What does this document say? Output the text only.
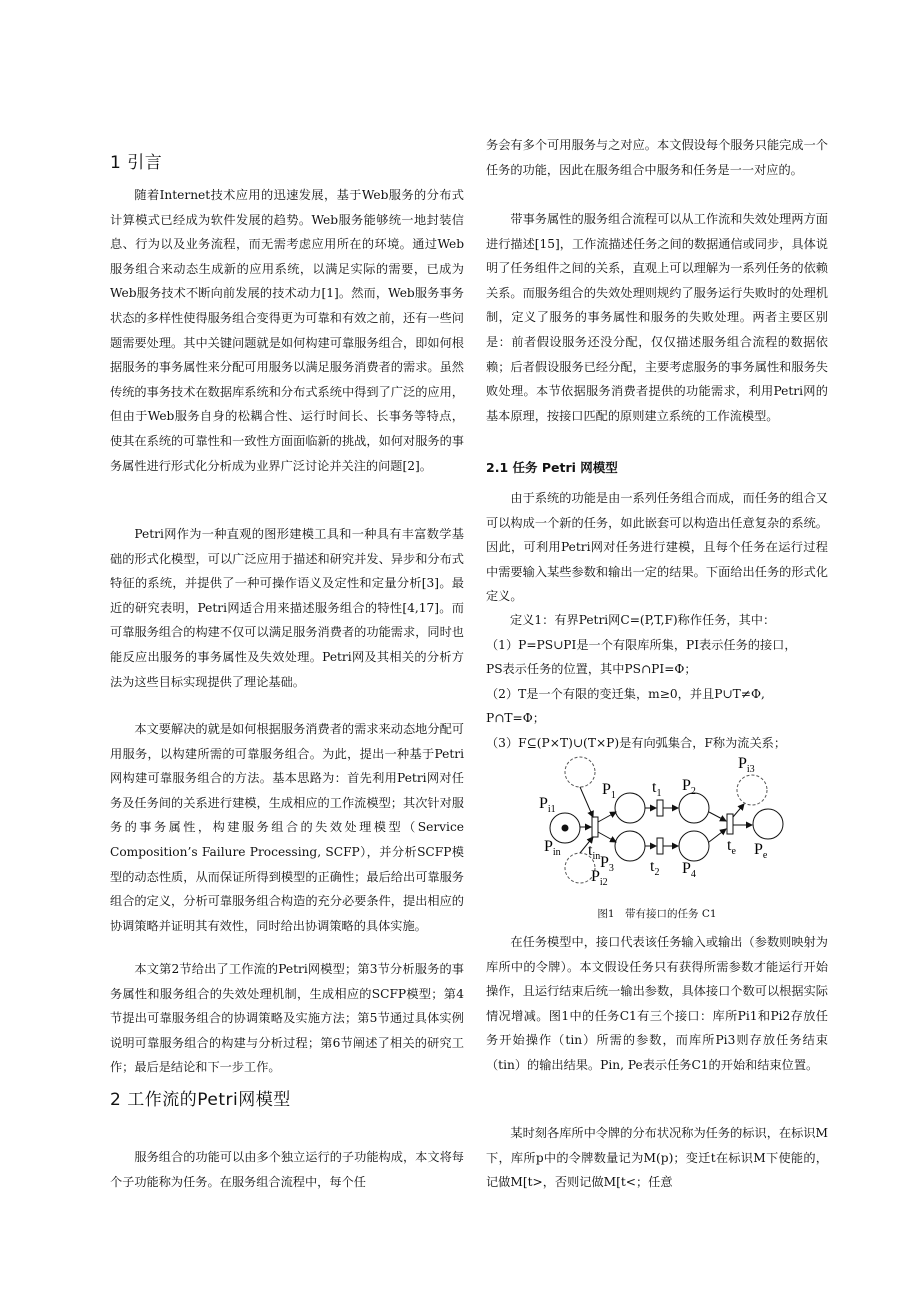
1 引言

随着Internet技术应用的迅速发展，基于Web服务的分布式计算模式已经成为软件发展的趋势。Web服务能够统一地封装信息、行为以及业务流程，而无需考虑应用所在的环境。通过Web服务组合来动态生成新的应用系统，以满足实际的需要，已成为Web服务技术不断向前发展的技术动力[1]。然而，Web服务事务状态的多样性使得服务组合变得更为可靠和有效之前，还有一些问题需要处理。其中关键问题就是如何构建可靠服务组合，即如何根据服务的事务属性来分配可用服务以满足服务消费者的需求。虽然传统的事务技术在数据库系统和分布式系统中得到了广泛的应用，但由于Web服务自身的松耦合性、运行时间长、长事务等特点，使其在系统的可靠性和一致性方面面临新的挑战，如何对服务的事务属性进行形式化分析成为业界广泛讨论并关注的问题[2]。

Petri网作为一种直观的图形建模工具和一种具有丰富数学基础的形式化模型，可以广泛应用于描述和研究并发、异步和分布式特征的系统，并提供了一种可操作语义及定性和定量分析[3]。最近的研究表明，Petri网适合用来描述服务组合的特性[4,17]。而可靠服务组合的构建不仅可以满足服务消费者的功能需求，同时也能反应出服务的事务属性及失效处理。Petri网及其相关的分析方法为这些目标实现提供了理论基础。

本文要解决的就是如何根据服务消费者的需求来动态地分配可用服务，以构建所需的可靠服务组合。为此，提出一种基于Petri网构建可靠服务组合的方法。基本思路为：首先利用Petri网对任务及任务间的关系进行建模，生成相应的工作流模型；其次针对服务的事务属性，构建服务组合的失效处理模型（Service Composition’s Failure Processing, SCFP），并分析SCFP模型的动态性质，从而保证所得到模型的正确性；最后给出可靠服务组合的定义，分析可靠服务组合构造的充分必要条件，提出相应的协调策略并证明其有效性，同时给出协调策略的具体实施。

本文第2节给出了工作流的Petri网模型；第3节分析服务的事务属性和服务组合的失效处理机制，生成相应的SCFP模型；第4节提出可靠服务组合的协调策略及实施方法；第5节通过具体实例说明可靠服务组合的构建与分析过程；第6节阐述了相关的研究工作；最后是结论和下一步工作。

2 工作流的Petri网模型

服务组合的功能可以由多个独立运行的子功能构成，本文将每个子功能称为任务。在服务组合流程中，每个任

务会有多个可用服务与之对应。本文假设每个服务只能完成一个任务的功能，因此在服务组合中服务和任务是一一对应的。

带事务属性的服务组合流程可以从工作流和失效处理两方面进行描述[15]，工作流描述任务之间的数据通信或同步，具体说明了任务组件之间的关系，直观上可以理解为一系列任务的依赖关系。而服务组合的失效处理则规约了服务运行失败时的处理机制，定义了服务的事务属性和服务的失败处理。两者主要区别是：前者假设服务还没分配，仅仅描述服务组合流程的数据依赖；后者假设服务已经分配，主要考虑服务的事务属性和服务失败处理。本节依据服务消费者提供的功能需求，利用Petri网的基本原理，按接口匹配的原则建立系统的工作流模型。

2.1 任务 Petri 网模型

由于系统的功能是由一系列任务组合而成，而任务的组合又可以构成一个新的任务，如此嵌套可以构造出任意复杂的系统。因此，可利用Petri网对任务进行建模，且每个任务在运行过程中需要输入某些参数和输出一定的结果。下面给出任务的形式化定义。

定义1：有界Petri网C=(P,T,F)称作任务，其中：

（1）P=PS∪PI是一个有限库所集，PI表示任务的接口，

PS表示任务的位置，其中PS∩PI=Φ；

（2）T是一个有限的变迁集，m≥0，并且P∪T≠Φ,

P∩T=Φ；

（3）F⊆(P×T)∪(T×P)是有向弧集合，F称为流关系；

在任务模型中，接口代表该任务输入或输出（参数则映射为库所中的令牌）。本文假设任务只有获得所需参数才能运行开始操作，且运行结束后统一输出参数，具体接口个数可以根据实际情况增减。图1中的任务C1有三个接口：库所Pi1和Pi2存放任务开始操作（tin）所需的参数，而库所Pi3则存放任务结束（tin）的输出结果。Pin, Pe表示任务C1的开始和结束位置。

某时刻各库所中令牌的分布状况称为任务的标识，在标识M下，库所p中的令牌数量记为M(p)；变迁t在标识M下使能的，记做M[t>，否则记做M[t<；任意

$P_{i1}$
$P_{in}$ $t_{in}$ $P_3$
$P_{i2}$
$P_1$ $t_1$ $P_2$
$t_2$ $P_4$
$t_e$ $P_e$
$P_{i3}$
图1　带有接口的任务 C1
